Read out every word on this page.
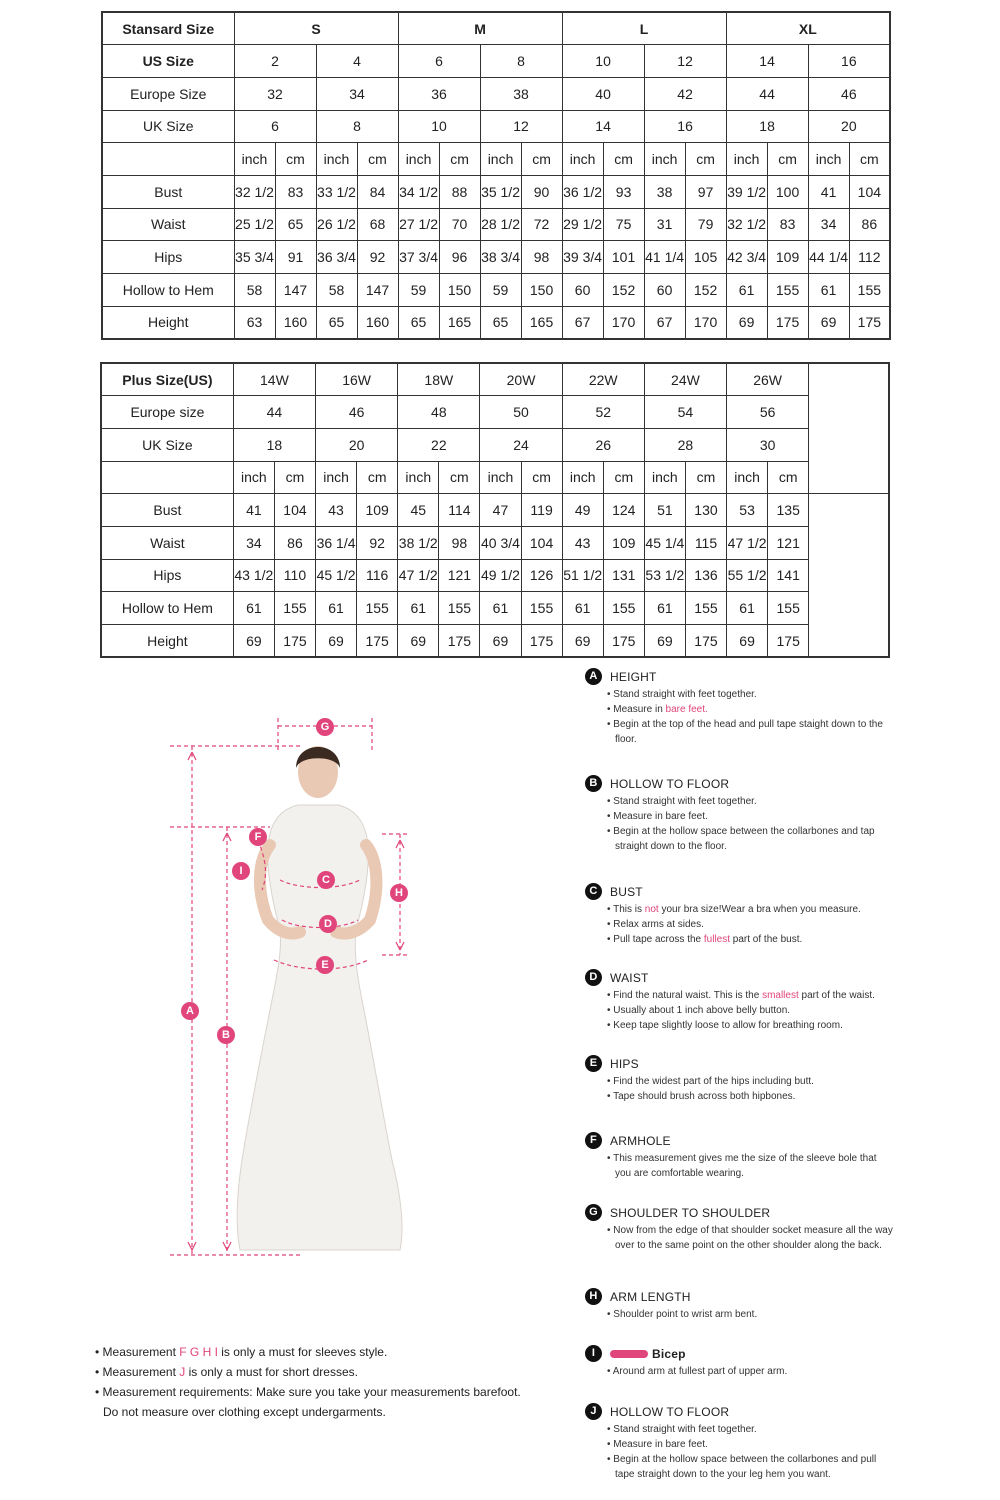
Stansard Size	S				M				L				XL			
US Size	2		4		6		8		10		12		14		16	
Europe Size	32		34		36		38		40		42		44		46	
UK Size	6		8		10		12		14		16		18		20	
	inch	cm	inch	cm	inch	cm	inch	cm	inch	cm	inch	cm	inch	cm	inch	cm
Bust	32 1/2	83	33 1/2	84	34 1/2	88	35 1/2	90	36 1/2	93	38	97	39 1/2	100	41	104
Waist	25 1/2	65	26 1/2	68	27 1/2	70	28 1/2	72	29 1/2	75	31	79	32 1/2	83	34	86
Hips	35 3/4	91	36 3/4	92	37 3/4	96	38 3/4	98	39 3/4	101	41 1/4	105	42 3/4	109	44 1/4	112
Hollow to Hem	58	147	58	147	59	150	59	150	60	152	60	152	61	155	61	155
Height	63	160	65	160	65	165	65	165	67	170	67	170	69	175	69	175
Plus Size(US)	14W		16W		18W		20W		22W		24W		26W		
Europe size	44		46		48		50		52		54		56		
UK Size	18		20		22		24		26		28		30		
	inch	cm	inch	cm	inch	cm	inch	cm	inch	cm	inch	cm	inch	cm	
Bust	41	104	43	109	45	114	47	119	49	124	51	130	53	135	
Waist	34	86	36 1/4	92	38 1/2	98	40 3/4	104	43	109	45 1/4	115	47 1/2	121	
Hips	43 1/2	110	45 1/2	116	47 1/2	121	49 1/2	126	51 1/2	131	53 1/2	136	55 1/2	141	
Hollow to Hem	61	155	61	155	61	155	61	155	61	155	61	155	61	155	
Height	69	175	69	175	69	175	69	175	69	175	69	175	69	175	
A
B
C
D
E
F
G
H
I
• Measurement F G H I is only a must for sleeves style.
• Measurement J is only a must for short dresses.
• Measurement requirements: Make sure you take your measurements barefoot.
Do not measure over clothing except undergarments.
A	HEIGHT
• Stand straight with feet together.
• Measure in bare feet.
• Begin at the top of the head and pull tape staight down to the floor.
B	HOLLOW TO FLOOR
• Stand straight with feet together.
• Measure in bare feet.
• Begin at the hollow space between the collarbones and tap straight down to the floor.
C	BUST
• This is not your bra size!Wear a bra when you measure.
• Relax arms at sides.
• Pull tape across the fullest part of the bust.
D	WAIST
• Find the natural waist. This is the smallest part of the waist.
• Usually about 1 inch above belly button.
• Keep tape slightly loose to allow for breathing room.
E	HIPS
• Find the widest part of the hips including butt.
• Tape should brush across both hipbones.
F	ARMHOLE
• This measurement gives me the size of the sleeve bole that you are comfortable wearing.
G	SHOULDER TO SHOULDER
• Now from the edge of that shoulder socket measure all the way over to the same point on the other shoulder along the back.
H	ARM LENGTH
• Shoulder point to wrist arm bent.
I	Bicep
• Around arm at fullest part of upper arm.
J	HOLLOW TO FLOOR
• Stand straight with feet together.
• Measure in bare feet.
• Begin at the hollow space between the collarbones and pull tape straight down to the your leg hem you want.
